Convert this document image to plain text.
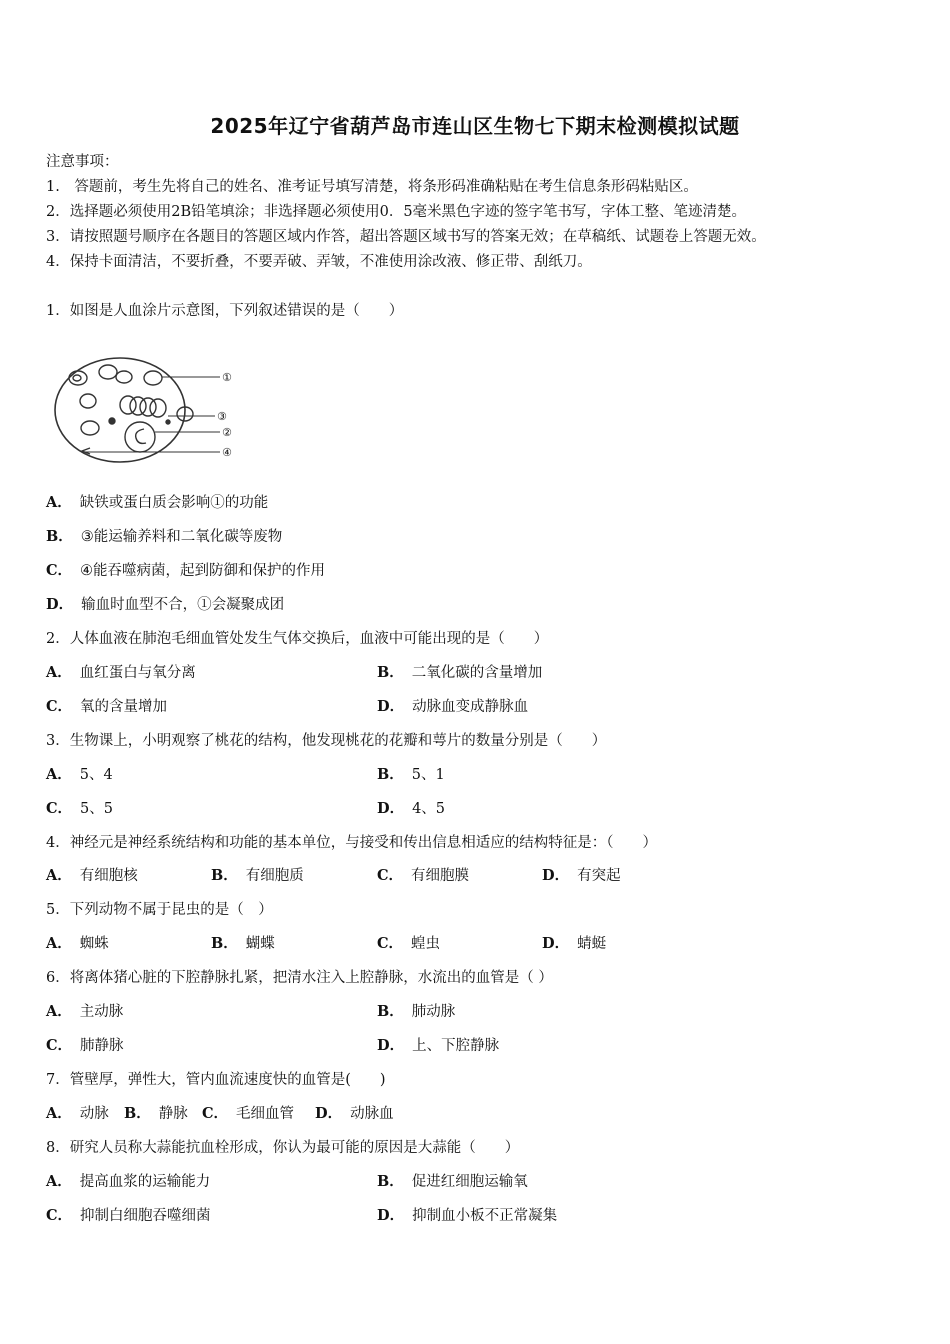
2025年辽宁省葫芦岛市连山区生物七下期末检测模拟试题
注意事项：
1.　答题前，考生先将自己的姓名、准考证号填写清楚，将条形码准确粘贴在考生信息条形码粘贴区。
2．选择题必须使用2B铅笔填涂；非选择题必须使用0．5毫米黑色字迹的签字笔书写，字体工整、笔迹清楚。
3．请按照题号顺序在各题目的答题区域内作答，超出答题区域书写的答案无效；在草稿纸、试题卷上答题无效。
4．保持卡面清洁，不要折叠，不要弄破、弄皱，不准使用涂改液、修正带、刮纸刀。
1．如图是人血涂片示意图，下列叙述错误的是（　　）
①
③
②
④
A． 缺铁或蛋白质会影响①的功能
B． ③能运输养料和二氧化碳等废物
C． ④能吞噬病菌，起到防御和保护的作用
D． 输血时血型不合，①会凝聚成团
2．人体血液在肺泡毛细血管处发生气体交换后，血液中可能出现的是（　　）
A． 血红蛋白与氧分离	B． 二氧化碳的含量增加
C． 氧的含量增加	D． 动脉血变成静脉血
3．生物课上，小明观察了桃花的结构，他发现桃花的花瓣和萼片的数量分别是（　　）
A． 5、4	B． 5、1
C． 5、5	D． 4、5
4．神经元是神经系统结构和功能的基本单位，与接受和传出信息相适应的结构特征是：（　　）
A． 有细胞核	B． 有细胞质	C． 有细胞膜	D． 有突起
5．下列动物不属于昆虫的是（　）
A． 蜘蛛	B． 蝴蝶	C． 蝗虫	D． 蜻蜓
6．将离体猪心脏的下腔静脉扎紧，把清水注入上腔静脉，水流出的血管是（ ）
A． 主动脉	B． 肺动脉
C． 肺静脉	D． 上、下腔静脉
7．管壁厚，弹性大，管内血流速度快的血管是(　　)
A． 动脉 B． 静脉 C． 毛细血管 D． 动脉血
8．研究人员称大蒜能抗血栓形成，你认为最可能的原因是大蒜能（　　）
A． 提高血浆的运输能力	B． 促进红细胞运输氧
C． 抑制白细胞吞噬细菌	D． 抑制血小板不正常凝集
